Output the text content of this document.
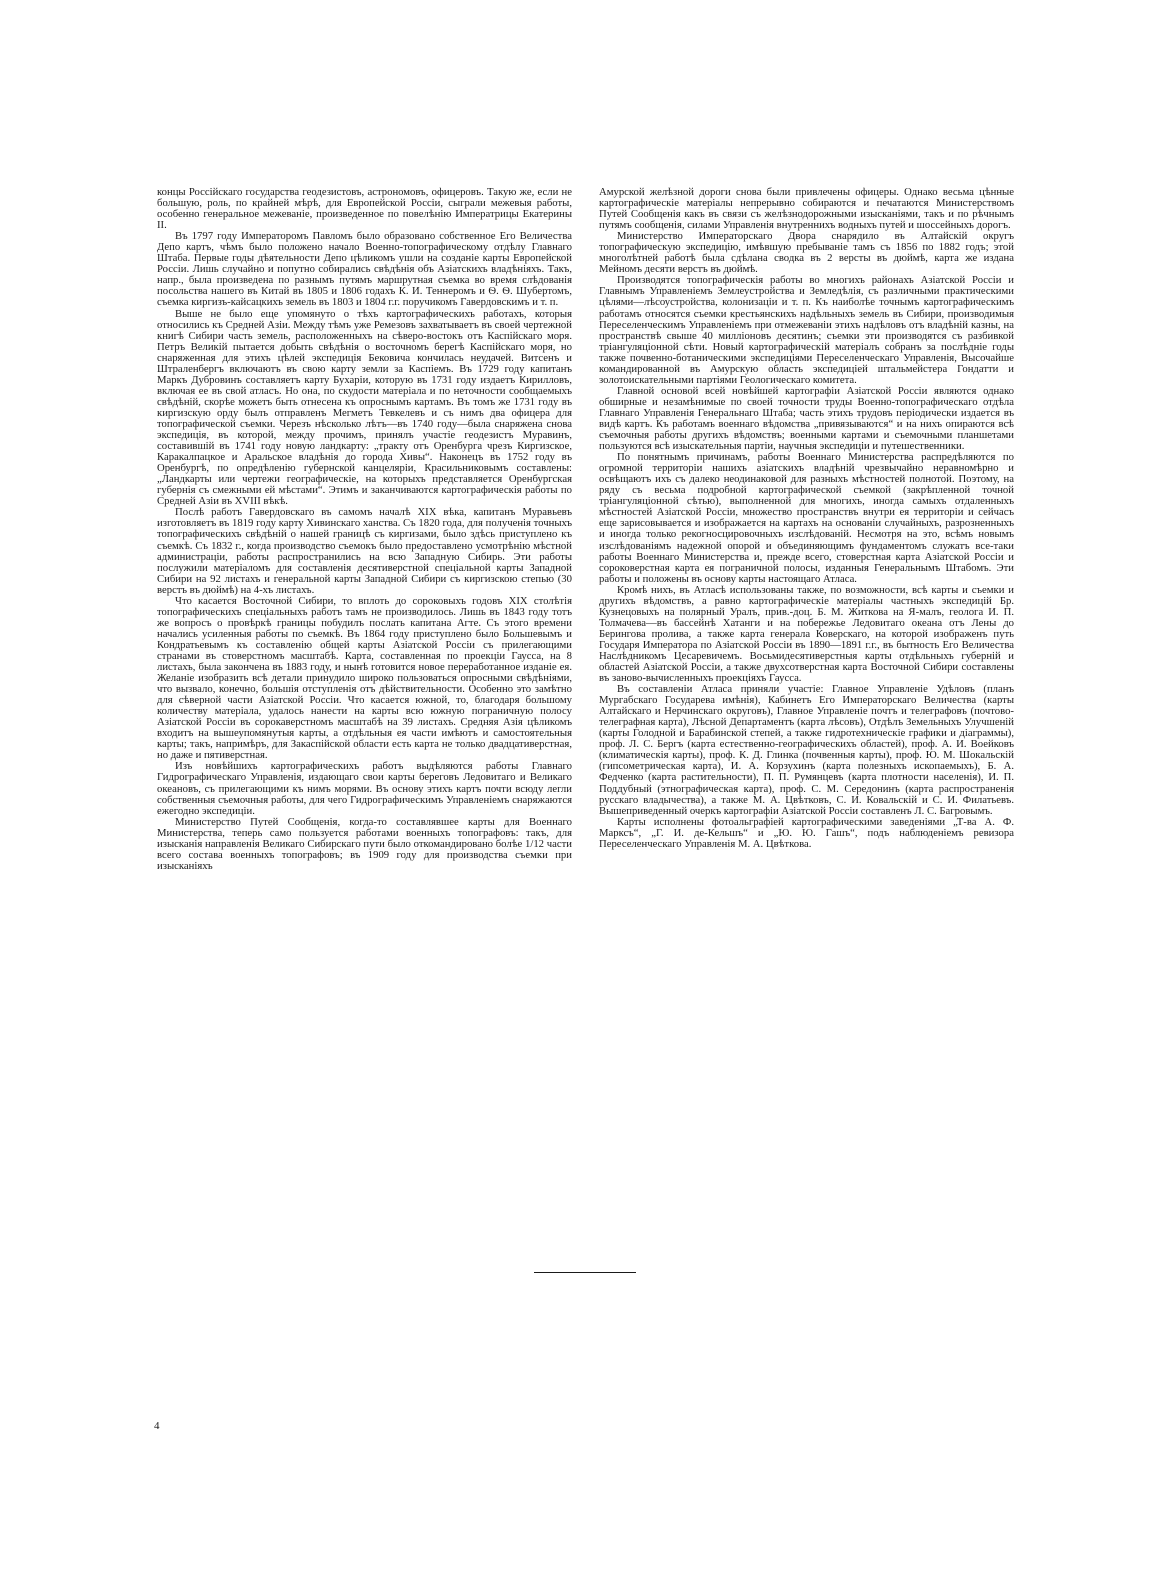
концы Россійскаго государства геодезистовъ, астрономовъ, офицеровъ. Такую же, если не большую, роль, по крайней мѣрѣ, для Европейской Россіи, сыграли межевыя работы, особенно генеральное межеваніе, произведенное по повелѣнію Императрицы Екатерины II.

Въ 1797 году Императоромъ Павломъ было образовано собственное Его Величества Депо картъ, чѣмъ было положено начало Военно-топографическому отдѣлу Главнаго Штаба. Первые годы дѣятельности Депо цѣликомъ ушли на созданіе карты Европейской Россіи. Лишь случайно и попутно собирались свѣдѣнія объ Азіатскихъ владѣніяхъ. Такъ, напр., была произведена по разнымъ путямъ маршрутная съемка во время слѣдованія посольства нашего въ Китай въ 1805 и 1806 годахъ К. И. Теннеромъ и Ѳ. Ѳ. Шубертомъ, съемка киргизъ-кайсацкихъ земель въ 1803 и 1804 г.г. поручикомъ Гавердовскимъ и т. п.

Выше не было еще упомянуто о тѣхъ картографическихъ работахъ, которыя относились къ Средней Азіи. Между тѣмъ уже Ремезовъ захватываетъ въ своей чертежной книгѣ Сибири часть земель, расположенныхъ на сѣверо-востокъ отъ Каспійскаго моря. Петръ Великій пытается добыть свѣдѣнія о восточномъ берегѣ Каспійскаго моря, но снаряженная для этихъ цѣлей экспедиція Бековича кончилась неудачей. Витсенъ и Штраленбергъ включаютъ въ свою карту земли за Каспіемъ. Въ 1729 году капитанъ Маркъ Дубровинъ составляетъ карту Бухаріи, которую въ 1731 году издаетъ Кирилловъ, включая ее въ свой атласъ. Но она, по скудости матеріала и по неточности сообщаемыхъ свѣдѣній, скорѣе можетъ быть отнесена къ опроснымъ картамъ. Въ томъ же 1731 году въ киргизскую орду былъ отправленъ Мегметъ Тевкелевъ и съ нимъ два офицера для топографической съемки. Черезъ нѣсколько лѣтъ—въ 1740 году—была снаряжена снова экспедиція, въ которой, между прочимъ, принялъ участіе геодезистъ Муравинъ, составившій въ 1741 году новую ландкарту: „тракту отъ Оренбурга чрезъ Киргизское, Каракалпацкое и Аральское владѣнія до города Хивы“. Наконецъ въ 1752 году въ Оренбургѣ, по опредѣленію губернской канцеляріи, Красильниковымъ составлены: „Ландкарты или чертежи географическіе, на которыхъ представляется Оренбургская губернія съ смежными ей мѣстами“. Этимъ и заканчиваются картографическія работы по Средней Азіи въ XVIII вѣкѣ.

Послѣ работъ Гавердовскаго въ самомъ началѣ XIX вѣка, капитанъ Муравьевъ изготовляетъ въ 1819 году карту Хивинскаго ханства. Съ 1820 года, для полученія точныхъ топографическихъ свѣдѣній о нашей границѣ съ киргизами, было здѣсь приступлено къ съемкѣ. Съ 1832 г., когда производство съемокъ было предоставлено усмотрѣнію мѣстной администраціи, работы распространились на всю Западную Сибирь. Эти работы послужили матеріаломъ для составленія десятиверстной спеціальной карты Западной Сибири на 92 листахъ и генеральной карты Западной Сибири съ киргизскою степью (30 верстъ въ дюймѣ) на 4-хъ листахъ.

Что касается Восточной Сибири, то вплоть до сороковыхъ годовъ XIX столѣтія топографическихъ спеціальныхъ работъ тамъ не производилось. Лишь въ 1843 году тотъ же вопросъ о провѣркѣ границы побудилъ послать капитана Агте. Съ этого времени начались усиленныя работы по съемкѣ. Въ 1864 году приступлено было Большевымъ и Кондратьевымъ къ составленію общей карты Азіатской Россіи съ прилегающими странами въ стоверстномъ масштабѣ. Карта, составленная по проекціи Гаусса, на 8 листахъ, была закончена въ 1883 году, и нынѣ готовится новое переработанное изданіе ея. Желаніе изобразить всѣ детали принудило широко пользоваться опросными свѣдѣніями, что вызвало, конечно, большія отступленія отъ дѣйствительности. Особенно это замѣтно для сѣверной части Азіатской Россіи. Что касается южной, то, благодаря большому количеству матеріала, удалось нанести на карты всю южную пограничную полосу Азіатской Россіи въ сорокаверстномъ масштабѣ на 39 листахъ. Средняя Азія цѣликомъ входитъ на вышеупомянутыя карты, а отдѣльныя ея части имѣютъ и самостоятельныя карты; такъ, напримѣръ, для Закаспійской области есть карта не только двадцативерстная, но даже и пятиверстная.

Изъ новѣйшихъ картографическихъ работъ выдѣляются работы Главнаго Гидрографическаго Управленія, издающаго свои карты береговъ Ледовитаго и Великаго океановъ, съ прилегающими къ нимъ морями. Въ основу этихъ картъ почти всюду легли собственныя съемочныя работы, для чего Гидрографическимъ Управленіемъ снаряжаются ежегодно экспедиціи.

Министерство Путей Сообщенія, когда-то составлявшее карты для Военнаго Министерства, теперь само пользуется работами военныхъ топографовъ: такъ, для изысканія направленія Великаго Сибирскаго пути было откомандировано болѣе 1/12 части всего состава военныхъ топографовъ; въ 1909 году для производства съемки при изысканіяхъ

Амурской желѣзной дороги снова были привлечены офицеры. Однако весьма цѣнные картографическіе матеріалы непрерывно собираются и печатаются Министерствомъ Путей Сообщенія какъ въ связи съ желѣзнодорожными изысканіями, такъ и по рѣчнымъ путямъ сообщенія, силами Управленія внутреннихъ водныхъ путей и шоссейныхъ дорогъ.

Министерство Императорскаго Двора снарядило въ Алтайскій округъ топографическую экспедицію, имѣвшую пребываніе тамъ съ 1856 по 1882 годъ; этой многолѣтней работѣ была сдѣлана сводка въ 2 версты въ дюймѣ, карта же издана Мейномъ десяти верстъ въ дюймѣ.

Производятся топографическія работы во многихъ районахъ Азіатской Россіи и Главнымъ Управленіемъ Землеустройства и Земледѣлія, съ различными практическими цѣлями—лѣсоустройства, колонизаціи и т. п. Къ наиболѣе точнымъ картографическимъ работамъ относятся съемки крестьянскихъ надѣльныхъ земель въ Сибири, производимыя Переселенческимъ Управленіемъ при отмежеваніи этихъ надѣловъ отъ владѣній казны, на пространствѣ свыше 40 милліоновъ десятинъ; съемки эти производятся съ разбивкой тріангуляціонной сѣти. Новый картографическій матеріалъ собранъ за послѣдніе годы также почвенно-ботаническими экспедиціями Переселенческаго Управленія, Высочайше командированной въ Амурскую область экспедиціей штальмейстера Гондатти и золотоискательными партіями Геологическаго комитета.

Главной основой всей новѣйшей картографіи Азіатской Россіи являются однако обширные и незамѣнимые по своей точности труды Военно-топографическаго отдѣла Главнаго Управленія Генеральнаго Штаба; часть этихъ трудовъ періодически издается въ видѣ картъ. Къ работамъ военнаго вѣдомства „привязываются“ и на нихъ опираются всѣ съемочныя работы другихъ вѣдомствъ; военными картами и съемочными планшетами пользуются всѣ изыскательныя партіи, научныя экспедиціи и путешественники.

По понятнымъ причинамъ, работы Военнаго Министерства распредѣляются по огромной территоріи нашихъ азіатскихъ владѣній чрезвычайно неравномѣрно и освѣщаютъ ихъ съ далеко неодинаковой для разныхъ мѣстностей полнотой. Поэтому, на ряду съ весьма подробной картографической съемкой (закрѣпленной точной тріангуляціонной сѣтью), выполненной для многихъ, иногда самыхъ отдаленныхъ мѣстностей Азіатской Россіи, множество пространствъ внутри ея территоріи и сейчасъ еще зарисовывается и изображается на картахъ на основаніи случайныхъ, разрозненныхъ и иногда только рекогносцировочныхъ изслѣдованій. Несмотря на это, всѣмъ новымъ изслѣдованіямъ надежной опорой и объединяющимъ фундаментомъ служатъ все-таки работы Военнаго Министерства и, прежде всего, стоверстная карта Азіатской Россіи и сороковерстная карта ея пограничной полосы, изданныя Генеральнымъ Штабомъ. Эти работы и положены въ основу карты настоящаго Атласа.

Кромѣ нихъ, въ Атласѣ использованы также, по возможности, всѣ карты и съемки и другихъ вѣдомствъ, а равно картографическіе матеріалы частныхъ экспедицій Бр. Кузнецовыхъ на полярный Уралъ, прив.-доц. Б. М. Житкова на Я-малъ, геолога И. П. Толмачева—въ бассейнѣ Хатанги и на побережье Ледовитаго океана отъ Лены до Берингова пролива, а также карта генерала Коверскаго, на которой изображенъ путь Государя Императора по Азіатской Россіи въ 1890—1891 г.г., въ бытность Его Величества Наслѣдникомъ Цесаревичемъ. Восьмидесятиверстныя карты отдѣльныхъ губерній и областей Азіатской Россіи, а также двухсотверстная карта Восточной Сибири составлены въ заново-вычисленныхъ проекціяхъ Гаусса.

Въ составленіи Атласа приняли участіе: Главное Управленіе Удѣловъ (планъ Мургабскаго Государева имѣнія), Кабинетъ Его Императорскаго Величества (карты Алтайскаго и Нерчинскаго округовъ), Главное Управленіе почтъ и телеграфовъ (почтово-телеграфная карта), Лѣсной Департаментъ (карта лѣсовъ), Отдѣлъ Земельныхъ Улучшеній (карты Голодной и Барабинской степей, а также гидротехническіе графики и діаграммы), проф. Л. С. Бергъ (карта естественно-географическихъ областей), проф. А. И. Воейковъ (климатическія карты), проф. К. Д. Глинка (почвенныя карты), проф. Ю. М. Шокальскій (гипсометрическая карта), И. А. Корзухинъ (карта полезныхъ ископаемыхъ), Б. А. Федченко (карта растительности), П. П. Румянцевъ (карта плотности населенія), И. П. Поддубный (этнографическая карта), проф. С. М. Середонинъ (карта распространенія русскаго владычества), а также М. А. Цвѣтковъ, С. И. Ковальскій и С. И. Филатьевъ. Вышеприведенный очеркъ картографіи Азіатской Россіи составленъ Л. С. Багровымъ.

Карты исполнены фотоальграфіей картографическими заведеніями „Т-ва А. Ф. Марксъ“, „Г. И. де-Кельшъ“ и „Ю. Ю. Гашъ“, подъ наблюденіемъ ревизора Переселенческаго Управленія М. А. Цвѣткова.

4
